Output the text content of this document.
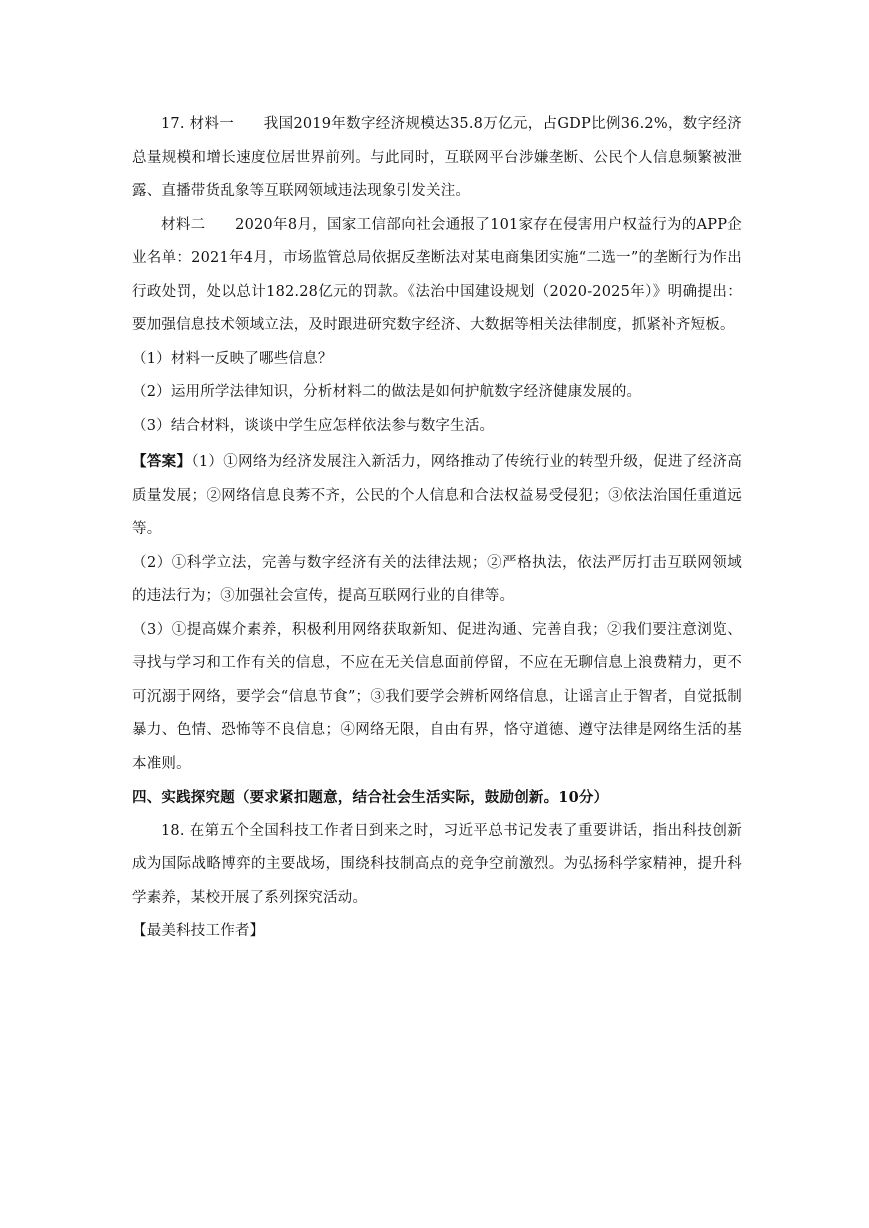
17. 材料一　　我国2019年数字经济规模达35.8万亿元，占GDP比例36.2%，数字经济总量规模和增长速度位居世界前列。与此同时，互联网平台涉嫌垄断、公民个人信息频繁被泄露、直播带货乱象等互联网领域违法现象引发关注。

材料二　　2020年8月，国家工信部向社会通报了101家存在侵害用户权益行为的APP企业名单：2021年4月，市场监管总局依据反垄断法对某电商集团实施“二选一”的垄断行为作出行政处罚，处以总计182.28亿元的罚款。《法治中国建设规划（2020-2025年）》明确提出：要加强信息技术领域立法，及时跟进研究数字经济、大数据等相关法律制度，抓紧补齐短板。

（1）材料一反映了哪些信息？

（2）运用所学法律知识，分析材料二的做法是如何护航数字经济健康发展的。

（3）结合材料，谈谈中学生应怎样依法参与数字生活。

【答案】（1）①网络为经济发展注入新活力，网络推动了传统行业的转型升级，促进了经济高质量发展；②网络信息良莠不齐，公民的个人信息和合法权益易受侵犯；③依法治国任重道远等。

（2）①科学立法，完善与数字经济有关的法律法规；②严格执法，依法严厉打击互联网领域的违法行为；③加强社会宣传，提高互联网行业的自律等。

（3）①提高媒介素养，积极利用网络获取新知、促进沟通、完善自我；②我们要注意浏览、寻找与学习和工作有关的信息，不应在无关信息面前停留，不应在无聊信息上浪费精力，更不可沉溺于网络，要学会“信息节食”；③我们要学会辨析网络信息，让谣言止于智者，自觉抵制暴力、色情、恐怖等不良信息；④网络无限，自由有界，恪守道德、遵守法律是网络生活的基本准则。

四、实践探究题（要求紧扣题意，结合社会生活实际，鼓励创新。10分）

18. 在第五个全国科技工作者日到来之时，习近平总书记发表了重要讲话，指出科技创新成为国际战略博弈的主要战场，围绕科技制高点的竞争空前激烈。为弘扬科学家精神，提升科学素养，某校开展了系列探究活动。

【最美科技工作者】
